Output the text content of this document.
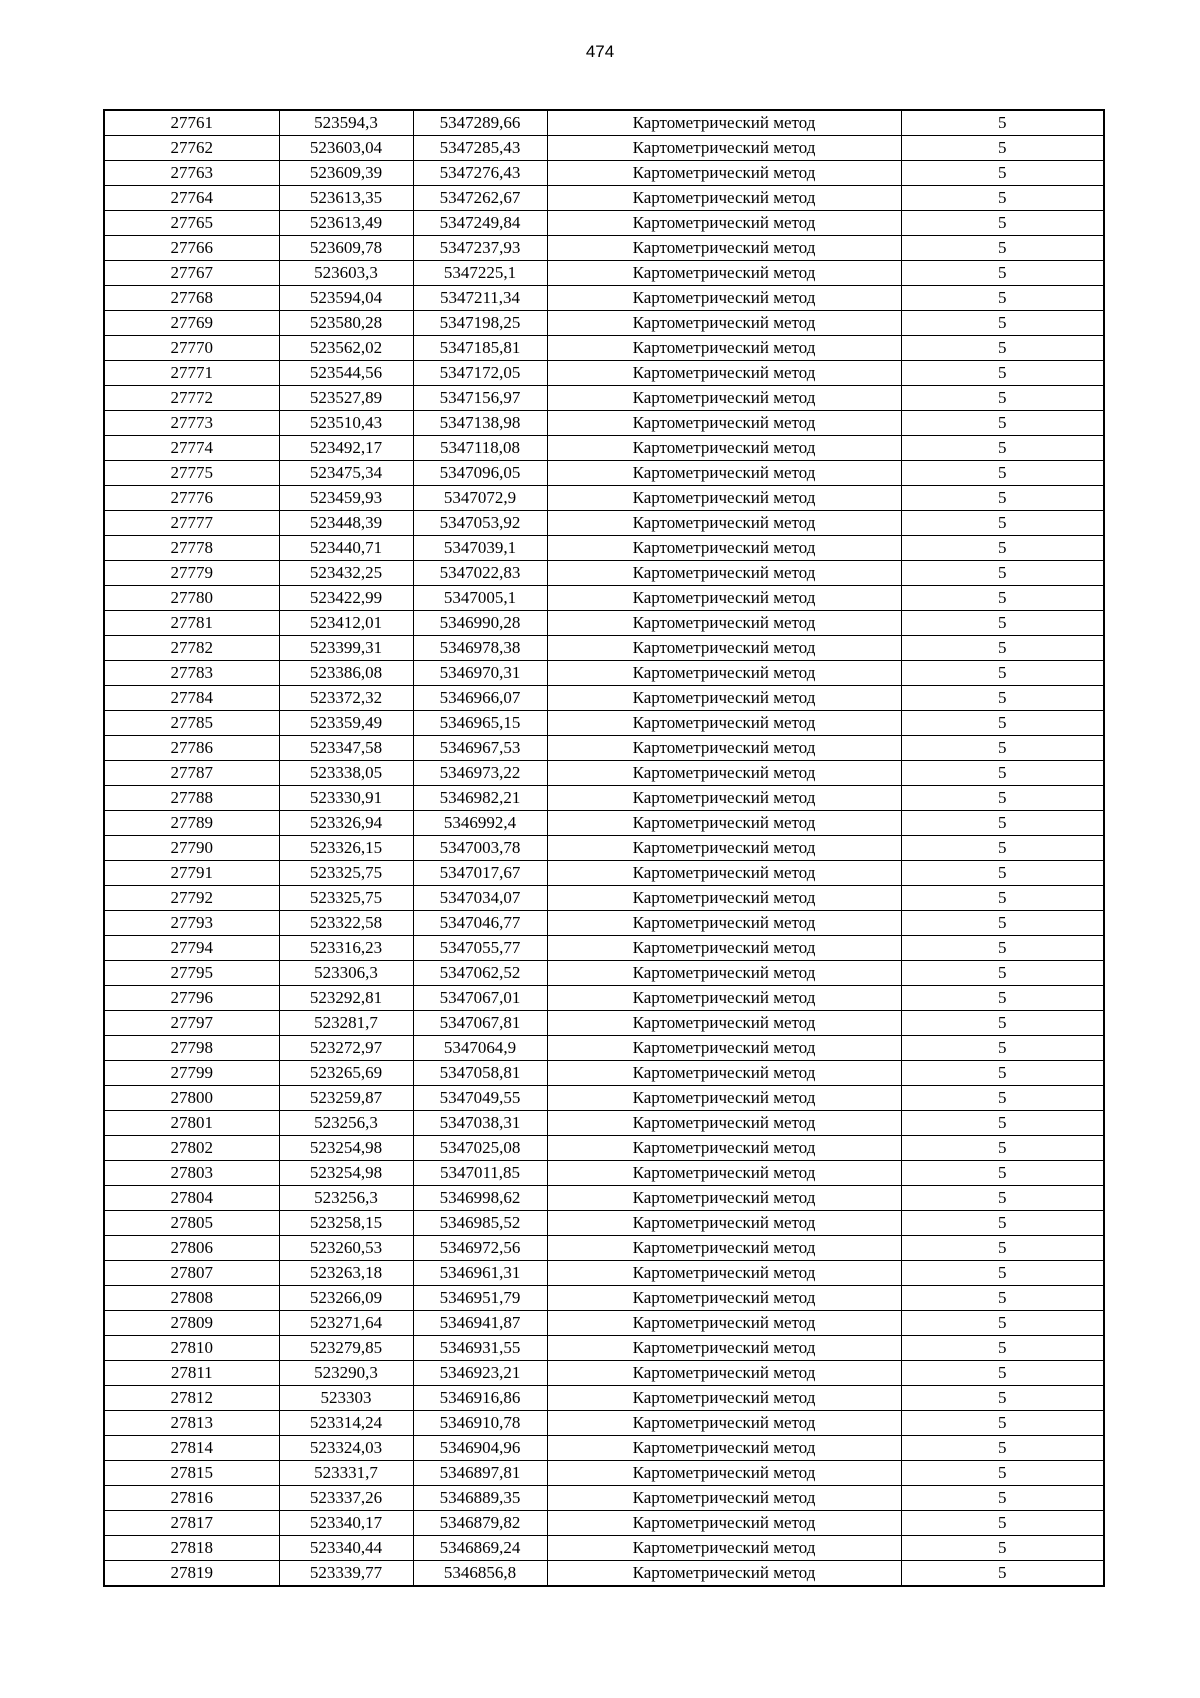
474
27761	523594,3	5347289,66	Картометрический метод	5
27762	523603,04	5347285,43	Картометрический метод	5
27763	523609,39	5347276,43	Картометрический метод	5
27764	523613,35	5347262,67	Картометрический метод	5
27765	523613,49	5347249,84	Картометрический метод	5
27766	523609,78	5347237,93	Картометрический метод	5
27767	523603,3	5347225,1	Картометрический метод	5
27768	523594,04	5347211,34	Картометрический метод	5
27769	523580,28	5347198,25	Картометрический метод	5
27770	523562,02	5347185,81	Картометрический метод	5
27771	523544,56	5347172,05	Картометрический метод	5
27772	523527,89	5347156,97	Картометрический метод	5
27773	523510,43	5347138,98	Картометрический метод	5
27774	523492,17	5347118,08	Картометрический метод	5
27775	523475,34	5347096,05	Картометрический метод	5
27776	523459,93	5347072,9	Картометрический метод	5
27777	523448,39	5347053,92	Картометрический метод	5
27778	523440,71	5347039,1	Картометрический метод	5
27779	523432,25	5347022,83	Картометрический метод	5
27780	523422,99	5347005,1	Картометрический метод	5
27781	523412,01	5346990,28	Картометрический метод	5
27782	523399,31	5346978,38	Картометрический метод	5
27783	523386,08	5346970,31	Картометрический метод	5
27784	523372,32	5346966,07	Картометрический метод	5
27785	523359,49	5346965,15	Картометрический метод	5
27786	523347,58	5346967,53	Картометрический метод	5
27787	523338,05	5346973,22	Картометрический метод	5
27788	523330,91	5346982,21	Картометрический метод	5
27789	523326,94	5346992,4	Картометрический метод	5
27790	523326,15	5347003,78	Картометрический метод	5
27791	523325,75	5347017,67	Картометрический метод	5
27792	523325,75	5347034,07	Картометрический метод	5
27793	523322,58	5347046,77	Картометрический метод	5
27794	523316,23	5347055,77	Картометрический метод	5
27795	523306,3	5347062,52	Картометрический метод	5
27796	523292,81	5347067,01	Картометрический метод	5
27797	523281,7	5347067,81	Картометрический метод	5
27798	523272,97	5347064,9	Картометрический метод	5
27799	523265,69	5347058,81	Картометрический метод	5
27800	523259,87	5347049,55	Картометрический метод	5
27801	523256,3	5347038,31	Картометрический метод	5
27802	523254,98	5347025,08	Картометрический метод	5
27803	523254,98	5347011,85	Картометрический метод	5
27804	523256,3	5346998,62	Картометрический метод	5
27805	523258,15	5346985,52	Картометрический метод	5
27806	523260,53	5346972,56	Картометрический метод	5
27807	523263,18	5346961,31	Картометрический метод	5
27808	523266,09	5346951,79	Картометрический метод	5
27809	523271,64	5346941,87	Картометрический метод	5
27810	523279,85	5346931,55	Картометрический метод	5
27811	523290,3	5346923,21	Картометрический метод	5
27812	523303	5346916,86	Картометрический метод	5
27813	523314,24	5346910,78	Картометрический метод	5
27814	523324,03	5346904,96	Картометрический метод	5
27815	523331,7	5346897,81	Картометрический метод	5
27816	523337,26	5346889,35	Картометрический метод	5
27817	523340,17	5346879,82	Картометрический метод	5
27818	523340,44	5346869,24	Картометрический метод	5
27819	523339,77	5346856,8	Картометрический метод	5
